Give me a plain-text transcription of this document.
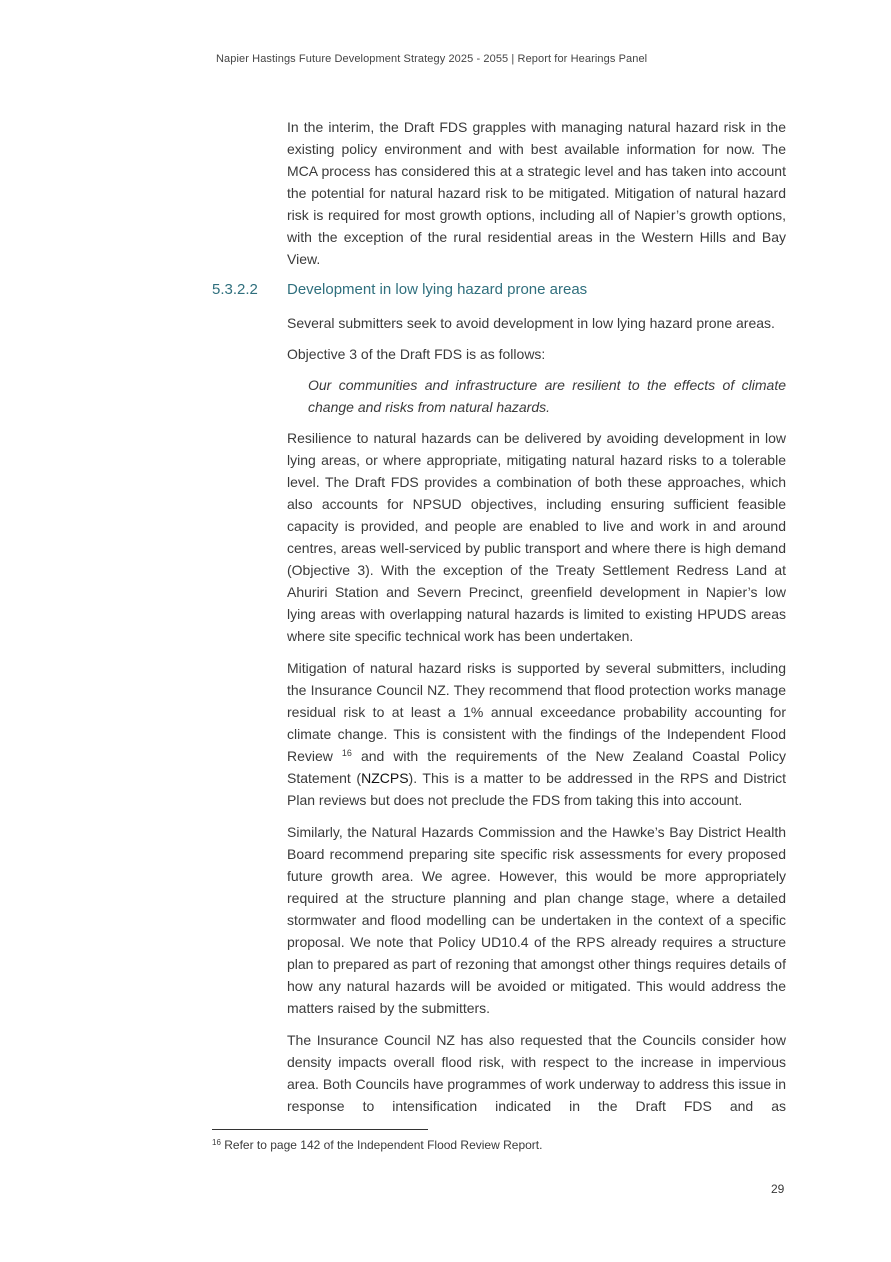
Napier Hastings Future Development Strategy 2025 - 2055 | Report for Hearings Panel

In the interim, the Draft FDS grapples with managing natural hazard risk in the existing policy environment and with best available information for now. The MCA process has considered this at a strategic level and has taken into account the potential for natural hazard risk to be mitigated. Mitigation of natural hazard risk is required for most growth options, including all of Napier’s growth options, with the exception of the rural residential areas in the Western Hills and Bay View.

5.3.2.2 Development in low lying hazard prone areas

Several submitters seek to avoid development in low lying hazard prone areas.

Objective 3 of the Draft FDS is as follows:

Our communities and infrastructure are resilient to the effects of climate change and risks from natural hazards.

Resilience to natural hazards can be delivered by avoiding development in low lying areas, or where appropriate, mitigating natural hazard risks to a tolerable level. The Draft FDS provides a combination of both these approaches, which also accounts for NPSUD objectives, including ensuring sufficient feasible capacity is provided, and people are enabled to live and work in and around centres, areas well-serviced by public transport and where there is high demand (Objective 3). With the exception of the Treaty Settlement Redress Land at Ahuriri Station and Severn Precinct, greenfield development in Napier’s low lying areas with overlapping natural hazards is limited to existing HPUDS areas where site specific technical work has been undertaken.

Mitigation of natural hazard risks is supported by several submitters, including the Insurance Council NZ. They recommend that flood protection works manage residual risk to at least a 1% annual exceedance probability accounting for climate change. This is consistent with the findings of the Independent Flood Review $^{16}$ and with the requirements of the New Zealand Coastal Policy Statement (NZCPS). This is a matter to be addressed in the RPS and District Plan reviews but does not preclude the FDS from taking this into account.

Similarly, the Natural Hazards Commission and the Hawke’s Bay District Health Board recommend preparing site specific risk assessments for every proposed future growth area. We agree. However, this would be more appropriately required at the structure planning and plan change stage, where a detailed stormwater and flood modelling can be undertaken in the context of a specific proposal. We note that Policy UD10.4 of the RPS already requires a structure plan to prepared as part of rezoning that amongst other things requires details of how any natural hazards will be avoided or mitigated. This would address the matters raised by the submitters.

The Insurance Council NZ has also requested that the Councils consider how density impacts overall flood risk, with respect to the increase in impervious area. Both Councils have programmes of work underway to address this issue in response to intensification indicated in the Draft FDS and as

$^{16}$ Refer to page 142 of the Independent Flood Review Report.
29
